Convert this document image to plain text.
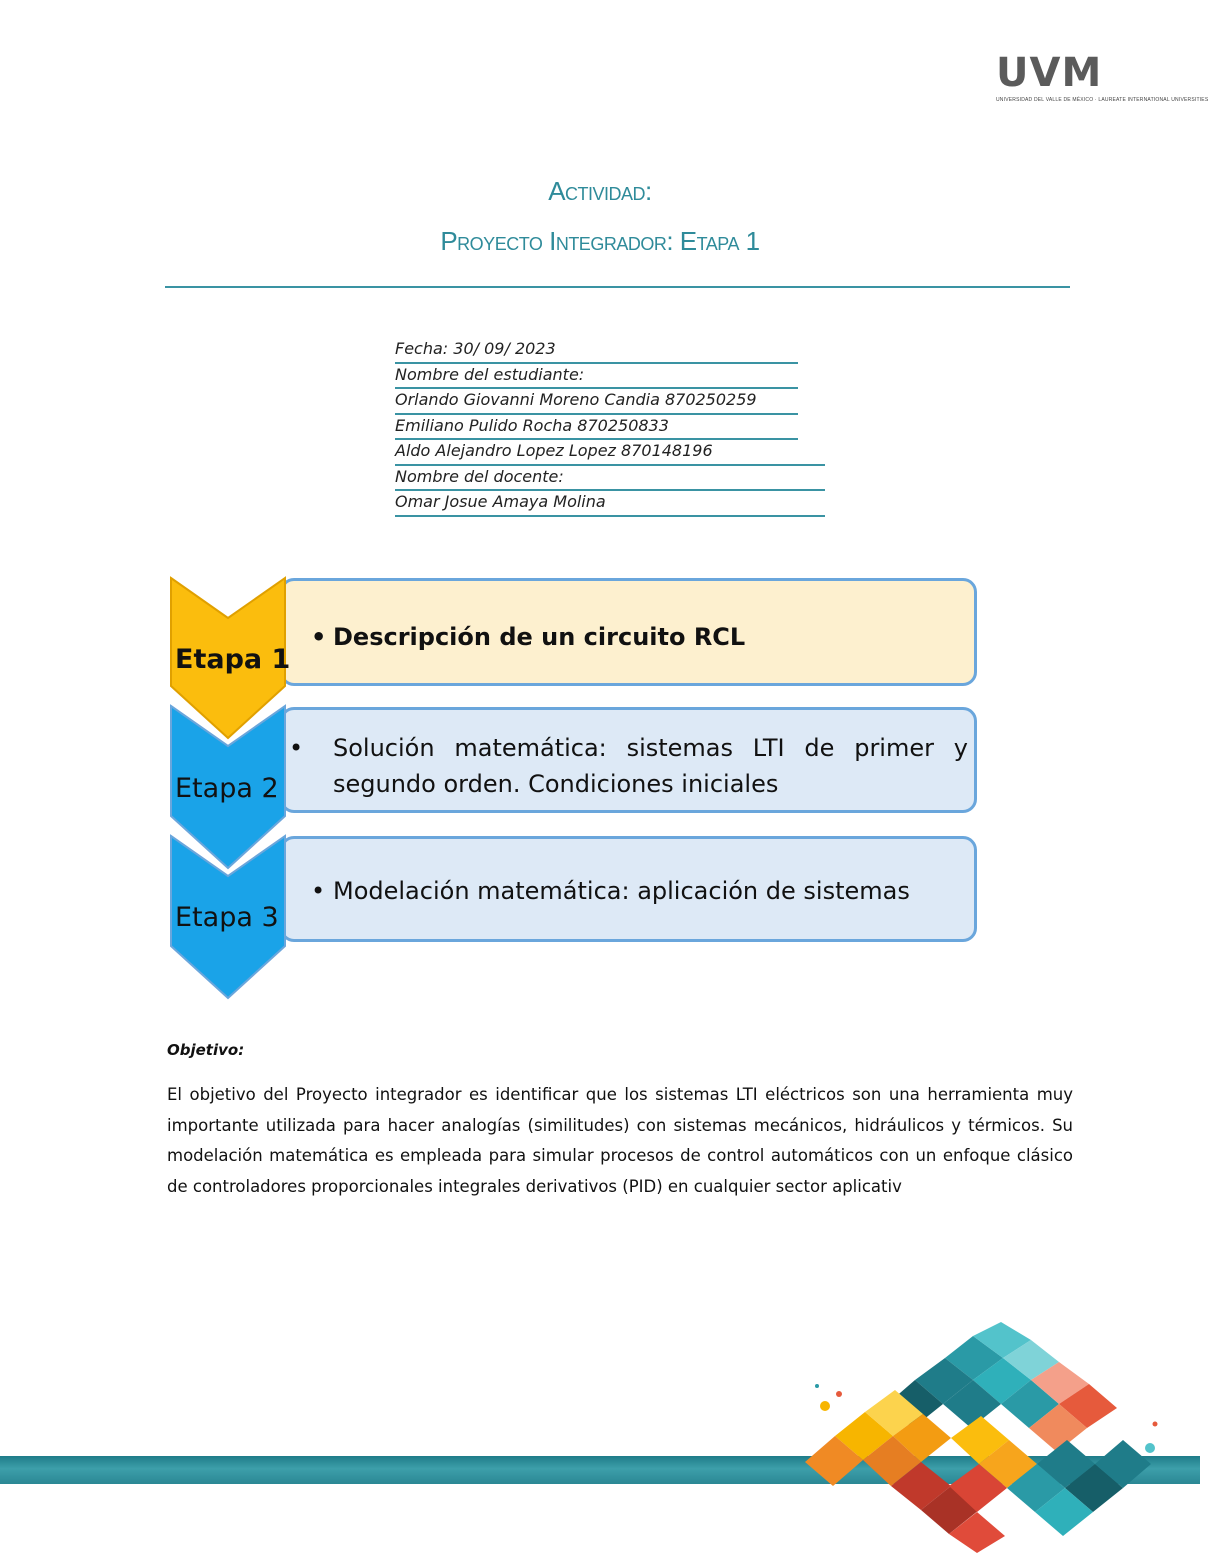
UVM
UNIVERSIDAD DEL VALLE DE MÉXICO · LAUREATE INTERNATIONAL UNIVERSITIES
Actividad:
Proyecto Integrador: Etapa 1
Fecha: 30/ 09/ 2023
Nombre del estudiante:
Orlando Giovanni Moreno Candia 870250259
Emiliano Pulido Rocha 870250833
Aldo Alejandro Lopez Lopez 870148196
Nombre del docente:
Omar Josue Amaya Molina
• Descripción de un circuito RCL
• Solución matemática: sistemas LTI de primer y segundo orden. Condiciones iniciales
• Modelación matemática: aplicación de sistemas
Etapa 1
Etapa 2
Etapa 3
Objetivo:
El objetivo del Proyecto integrador es identificar que los sistemas LTI eléctricos son una herramienta muy importante utilizada para hacer analogías (similitudes) con sistemas mecánicos, hidráulicos y térmicos. Su modelación matemática es empleada para simular procesos de control automáticos con un enfoque clásico de controladores proporcionales integrales derivativos (PID) en cualquier sector aplicativ
